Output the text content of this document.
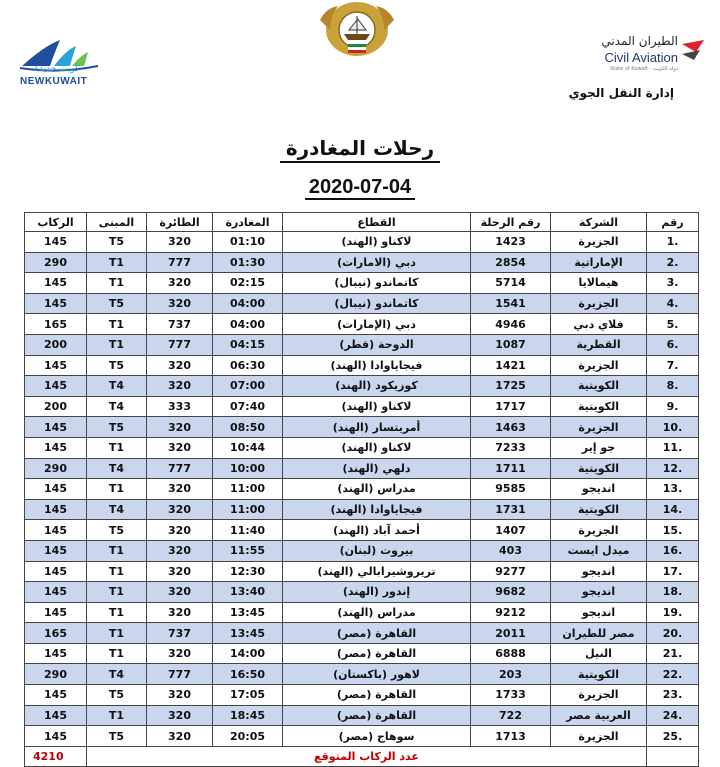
كويت جديدة
NEWKUWAIT
الطيران المدني
Civil Aviation
State of Kuwait - دولة الكويت
إدارة النقل الجوي
رحلات المغادرة
2020-07-04
رقم	الشركة	رقم الرحلة	القطاع	المغادرة	الطائرة	المبنى	الركاب
.1	الجزيرة	1423	لاكناو (الهند)	01:10	320	T5	145
.2	الإماراتية	2854	دبي (الامارات)	01:30	777	T1	290
.3	هيمالايا	5714	كاتماندو (نيبال)	02:15	320	T1	145
.4	الجزيرة	1541	كاتماندو (نيبال)	04:00	320	T5	145
.5	فلاي دبي	4946	دبي (الإمارات)	04:00	737	T1	165
.6	القطرية	1087	الدوحة (قطر)	04:15	777	T1	200
.7	الجزيرة	1421	فيجاياوادا (الهند)	06:30	320	T5	145
.8	الكويتية	1725	كوزيكود (الهند)	07:00	320	T4	145
.9	الكويتية	1717	لاكناو (الهند)	07:40	333	T4	200
.10	الجزيرة	1463	أمريتسار (الهند)	08:50	320	T5	145
.11	جو إير	7233	لاكناو (الهند)	10:44	320	T1	145
.12	الكويتية	1711	دلهي (الهند)	10:00	777	T4	290
.13	انديجو	9585	مدراس (الهند)	11:00	320	T1	145
.14	الكويتية	1731	فيجاياوادا (الهند)	11:00	320	T4	145
.15	الجزيرة	1407	أحمد آباد (الهند)	11:40	320	T5	145
.16	ميدل ايست	403	بيروت (لبنان)	11:55	320	T1	145
.17	انديجو	9277	تريروشيرابالي (الهند)	12:30	320	T1	145
.18	انديجو	9682	إندور (الهند)	13:40	320	T1	145
.19	انديجو	9212	مدراس (الهند)	13:45	320	T1	145
.20	مصر للطيران	2011	القاهرة (مصر)	13:45	737	T1	165
.21	النيل	6888	القاهرة (مصر)	14:00	320	T1	145
.22	الكويتية	203	لاهور (باكستان)	16:50	777	T4	290
.23	الجزيرة	1733	القاهرة (مصر)	17:05	320	T5	145
.24	العربية مصر	722	القاهرة (مصر)	18:45	320	T1	145
.25	الجزيرة	1713	سوهاج (مصر)	20:05	320	T5	145
	عدد الركاب المتوقع						4210
